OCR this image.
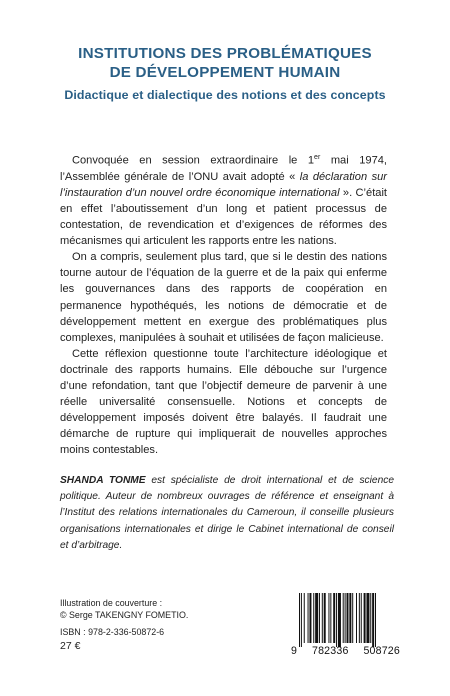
INSTITUTIONS DES PROBLÉMATIQUES
DE DÉVELOPPEMENT HUMAIN
Didactique et dialectique des notions et des concepts

Convoquée en session extraordinaire le 1er mai 1974, l’Assemblée générale de l’ONU avait adopté « la déclaration sur l’instauration d’un nouvel ordre économique international ». C’était en effet l’aboutissement d’un long et patient processus de contestation, de revendication et d’exigences de réformes des mécanismes qui articulent les rapports entre les nations.

On a compris, seulement plus tard, que si le destin des nations tourne autour de l’équation de la guerre et de la paix qui enferme les gouvernances dans des rapports de coopération en permanence hypothéqués, les notions de démocratie et de développement mettent en exergue des problématiques plus complexes, manipulées à souhait et utilisées de façon malicieuse.

Cette réflexion questionne toute l’architecture idéologique et doctrinale des rapports humains. Elle débouche sur l’urgence d’une refondation, tant que l’objectif demeure de parvenir à une réelle universalité consensuelle. Notions et concepts de développement imposés doivent être balayés. Il faudrait une démarche de rupture qui impliquerait de nouvelles approches moins contestables.

SHANDA TONME est spécialiste de droit international et de science politique. Auteur de nombreux ouvrages de référence et enseignant à l’Institut des relations internationales du Cameroun, il conseille plusieurs organisations internationales et dirige le Cabinet international de conseil et d’arbitrage.
Illustration de couverture :
© Serge TAKENGNY FOMETIO.
ISBN : 978-2-336-50872-6
27 €	9 782336 508726
